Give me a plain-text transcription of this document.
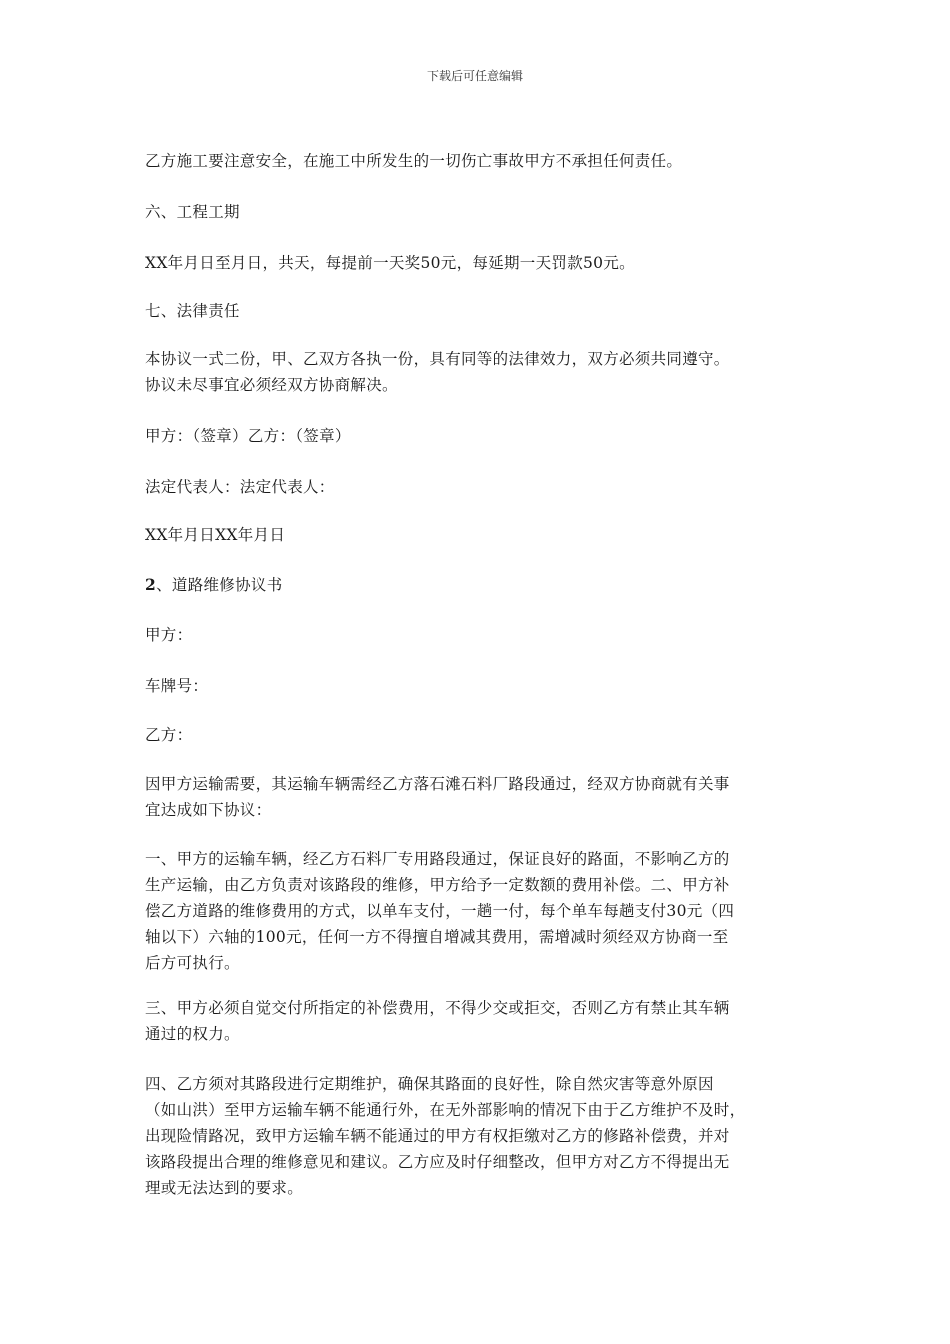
下载后可任意编辑

乙方施工要注意安全，在施工中所发生的一切伤亡事故甲方不承担任何责任。

六、工程工期

XX年月日至月日，共天，每提前一天奖50元，每延期一天罚款50元。

七、法律责任

本协议一式二份，甲、乙双方各执一份，具有同等的法律效力，双方必须共同遵守。
协议未尽事宜必须经双方协商解决。

甲方：（签章）乙方：（签章）

法定代表人：法定代表人：

XX年月日XX年月日

2、道路维修协议书

甲方：

车牌号：

乙方：

因甲方运输需要，其运输车辆需经乙方落石滩石料厂路段通过，经双方协商就有关事
宜达成如下协议：

一、甲方的运输车辆，经乙方石料厂专用路段通过，保证良好的路面，不影响乙方的
生产运输，由乙方负责对该路段的维修，甲方给予一定数额的费用补偿。二、甲方补
偿乙方道路的维修费用的方式，以单车支付，一趟一付，每个单车每趟支付30元（四
轴以下）六轴的100元，任何一方不得擅自增减其费用，需增减时须经双方协商一至
后方可执行。

三、甲方必须自觉交付所指定的补偿费用，不得少交或拒交，否则乙方有禁止其车辆
通过的权力。

四、乙方须对其路段进行定期维护，确保其路面的良好性，除自然灾害等意外原因
（如山洪）至甲方运输车辆不能通行外，在无外部影响的情况下由于乙方维护不及时，
出现险情路况，致甲方运输车辆不能通过的甲方有权拒缴对乙方的修路补偿费，并对
该路段提出合理的维修意见和建议。乙方应及时仔细整改，但甲方对乙方不得提出无
理或无法达到的要求。
